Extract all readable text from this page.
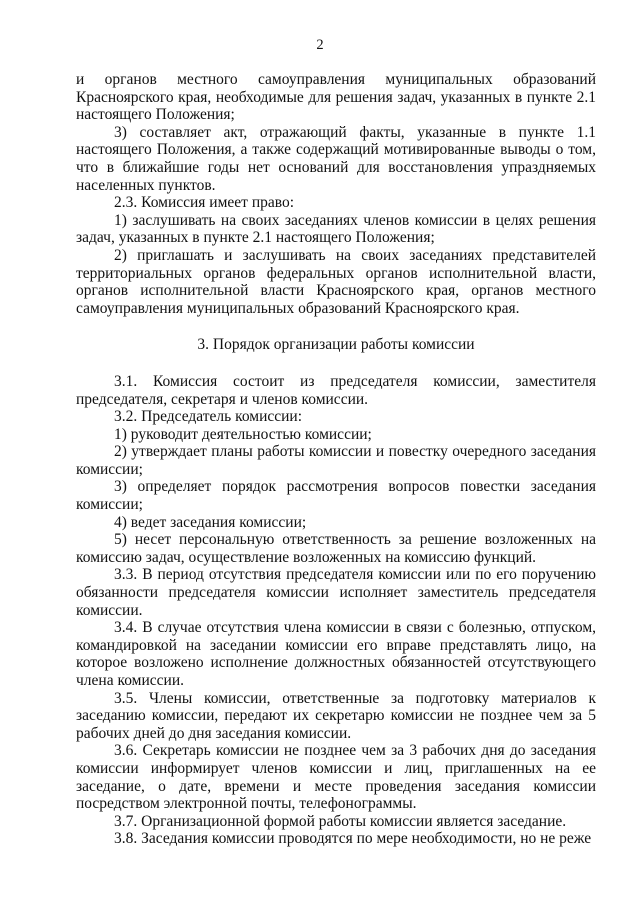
2

и органов местного самоуправления муниципальных образований Красноярского края, необходимые для решения задач, указанных в пункте 2.1 настоящего Положения;

3) составляет акт, отражающий факты, указанные в пункте 1.1 настоящего Положения, а также содержащий мотивированные выводы о том, что в ближайшие годы нет оснований для восстановления упраздняемых населенных пунктов.

2.3. Комиссия имеет право:

1) заслушивать на своих заседаниях членов комиссии в целях решения задач, указанных в пункте 2.1 настоящего Положения;

2) приглашать и заслушивать на своих заседаниях представителей территориальных органов федеральных органов исполнительной власти, органов исполнительной власти Красноярского края, органов местного самоуправления муниципальных образований Красноярского края.

3. Порядок организации работы комиссии

3.1. Комиссия состоит из председателя комиссии, заместителя председателя, секретаря и членов комиссии.

3.2. Председатель комиссии:

1) руководит деятельностью комиссии;

2) утверждает планы работы комиссии и повестку очередного заседания комиссии;

3) определяет порядок рассмотрения вопросов повестки заседания комиссии;

4) ведет заседания комиссии;

5) несет персональную ответственность за решение возложенных на комиссию задач, осуществление возложенных на комиссию функций.

3.3. В период отсутствия председателя комиссии или по его поручению обязанности председателя комиссии исполняет заместитель председателя комиссии.

3.4. В случае отсутствия члена комиссии в связи с болезнью, отпуском, командировкой на заседании комиссии его вправе представлять лицо, на которое возложено исполнение должностных обязанностей отсутствующего члена комиссии.

3.5. Члены комиссии, ответственные за подготовку материалов к заседанию комиссии, передают их секретарю комиссии не позднее чем за 5 рабочих дней до дня заседания комиссии.

3.6. Секретарь комиссии не позднее чем за 3 рабочих дня до заседания комиссии информирует членов комиссии и лиц, приглашенных на ее заседание, о дате, времени и месте проведения заседания комиссии посредством электронной почты, телефонограммы.

3.7. Организационной формой работы комиссии является заседание.

3.8. Заседания комиссии проводятся по мере необходимости, но не реже
